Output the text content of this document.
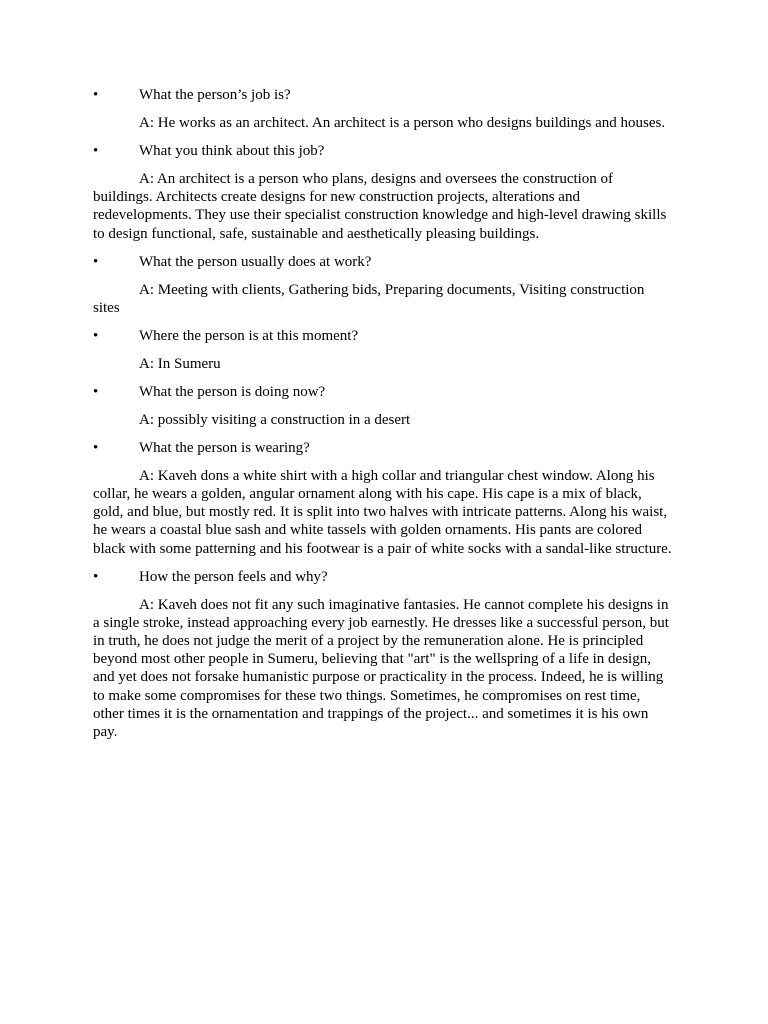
•	What the person’s job is?

A: He works as an architect. An architect is a person who designs buildings and houses.

•	What you think about this job?

A: An architect is a person who plans, designs and oversees the construction of buildings. Architects create designs for new construction projects, alterations and redevelopments. They use their specialist construction knowledge and high-level drawing skills to design functional, safe, sustainable and aesthetically pleasing buildings.

•	What the person usually does at work?

A: Meeting with clients, Gathering bids, Preparing documents, Visiting construction sites

•	Where the person is at this moment?

A: In Sumeru

•	What the person is doing now?

A: possibly visiting a construction in a desert

•	What the person is wearing?

A: Kaveh dons a white shirt with a high collar and triangular chest window. Along his collar, he wears a golden, angular ornament along with his cape. His cape is a mix of black, gold, and blue, but mostly red. It is split into two halves with intricate patterns. Along his waist, he wears a coastal blue sash and white tassels with golden ornaments. His pants are colored black with some patterning and his footwear is a pair of white socks with a sandal-like structure.

•	How the person feels and why?

A: Kaveh does not fit any such imaginative fantasies. He cannot complete his designs in a single stroke, instead approaching every job earnestly. He dresses like a successful person, but in truth, he does not judge the merit of a project by the remuneration alone. He is principled beyond most other people in Sumeru, believing that "art" is the wellspring of a life in design, and yet does not forsake humanistic purpose or practicality in the process. Indeed, he is willing to make some compromises for these two things. Sometimes, he compromises on rest time, other times it is the ornamentation and trappings of the project... and sometimes it is his own pay.
